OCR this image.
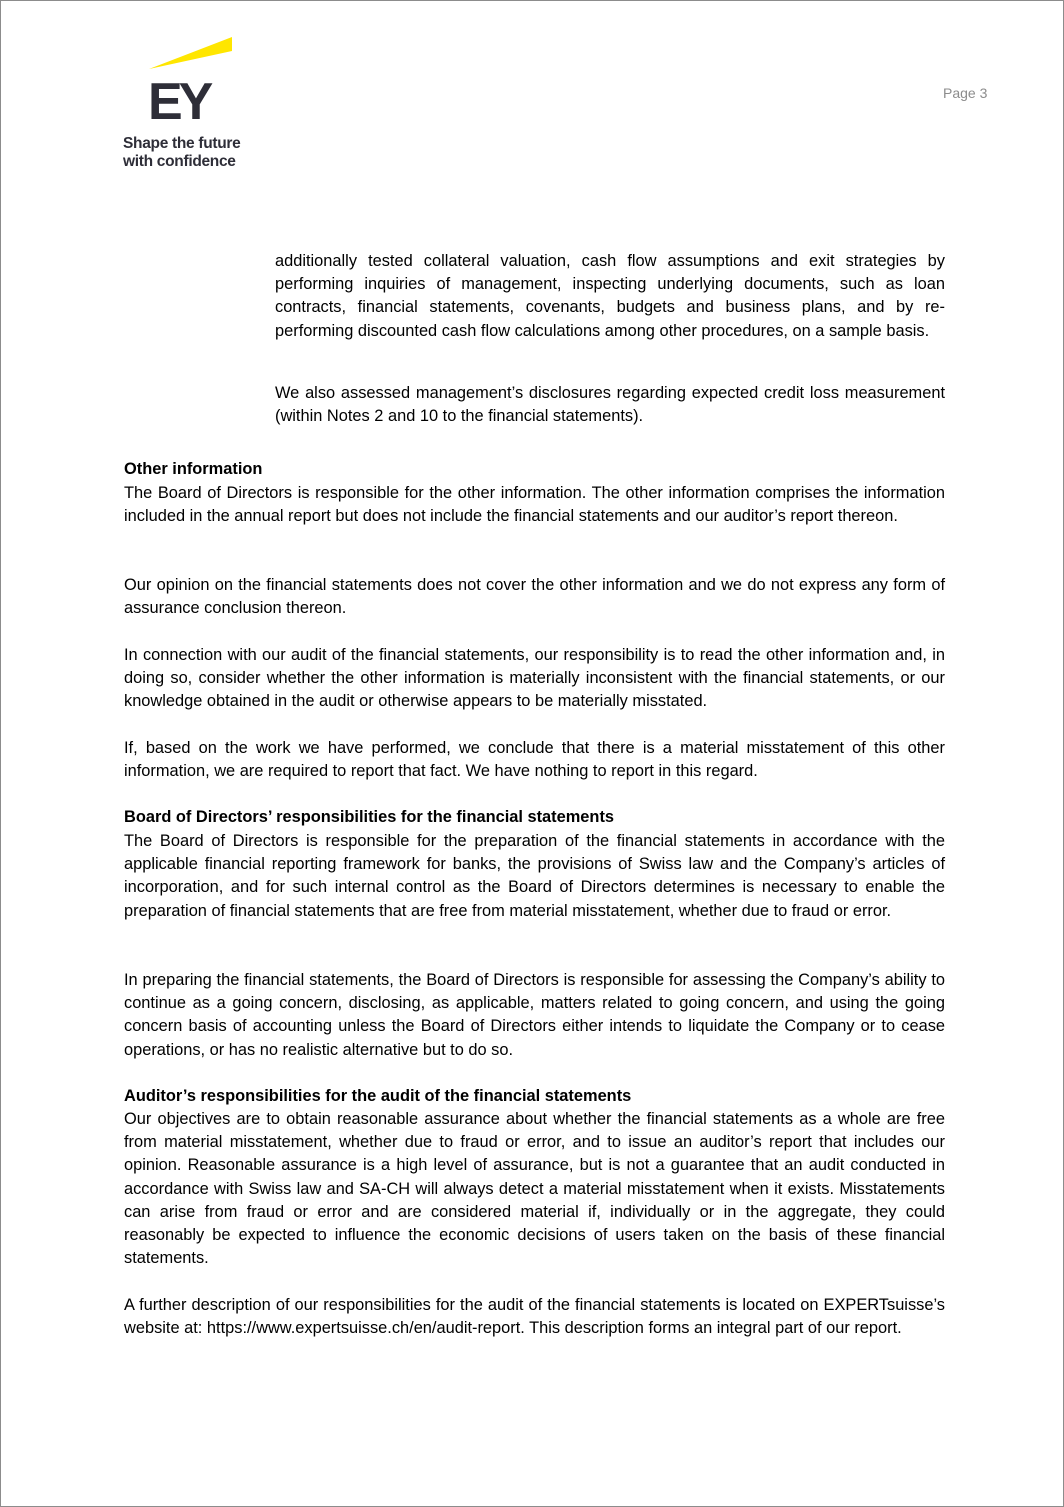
EY
Shape the future
with confidence
Page 3

additionally tested collateral valuation, cash flow assumptions and exit strategies by performing inquiries of management, inspecting underlying documents, such as loan contracts, financial statements, covenants, budgets and business plans, and by re-performing discounted cash flow calculations among other procedures, on a sample basis.

We also assessed management’s disclosures regarding expected credit loss measurement (within Notes 2 and 10 to the financial statements).

Other information

The Board of Directors is responsible for the other information. The other information comprises the information included in the annual report but does not include the financial statements and our auditor’s report thereon.

Our opinion on the financial statements does not cover the other information and we do not express any form of assurance conclusion thereon.

In connection with our audit of the financial statements, our responsibility is to read the other information and, in doing so, consider whether the other information is materially inconsistent with the financial statements, or our knowledge obtained in the audit or otherwise appears to be materially misstated.

If, based on the work we have performed, we conclude that there is a material misstatement of this other information, we are required to report that fact. We have nothing to report in this regard.

Board of Directors’ responsibilities for the financial statements

The Board of Directors is responsible for the preparation of the financial statements in accordance with the applicable financial reporting framework for banks, the provisions of Swiss law and the Company’s articles of incorporation, and for such internal control as the Board of Directors determines is necessary to enable the preparation of financial statements that are free from material misstatement, whether due to fraud or error.

In preparing the financial statements, the Board of Directors is responsible for assessing the Company’s ability to continue as a going concern, disclosing, as applicable, matters related to going concern, and using the going concern basis of accounting unless the Board of Directors either intends to liquidate the Company or to cease operations, or has no realistic alternative but to do so.

Auditor’s responsibilities for the audit of the financial statements

Our objectives are to obtain reasonable assurance about whether the financial statements as a whole are free from material misstatement, whether due to fraud or error, and to issue an auditor’s report that includes our opinion. Reasonable assurance is a high level of assurance, but is not a guarantee that an audit conducted in accordance with Swiss law and SA-CH will always detect a material misstatement when it exists. Misstatements can arise from fraud or error and are considered material if, individually or in the aggregate, they could reasonably be expected to influence the economic decisions of users taken on the basis of these financial statements.

A further description of our responsibilities for the audit of the financial statements is located on EXPERTsuisse’s website at: https://www.expertsuisse.ch/en/audit-report. This description forms an integral part of our report.
